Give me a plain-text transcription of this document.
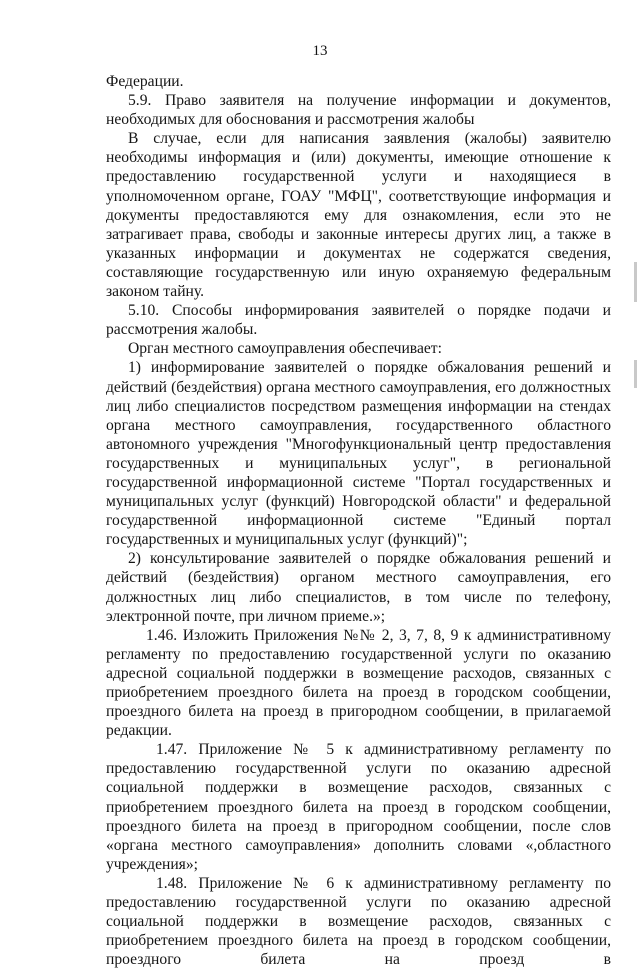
13

Федерации.

5.9. Право заявителя на получение информации и документов, необходимых для обоснования и рассмотрения жалобы

В случае, если для написания заявления (жалобы) заявителю необходимы информация и (или) документы, имеющие отношение к предоставлению государственной услуги и находящиеся в уполномоченном органе, ГОАУ "МФЦ", соответствующие информация и документы предоставляются ему для ознакомления, если это не затрагивает права, свободы и законные интересы других лиц, а также в указанных информации и документах не содержатся сведения, составляющие государственную или иную охраняемую федеральным законом тайну.

5.10. Способы информирования заявителей о порядке подачи и рассмотрения жалобы.

Орган местного самоуправления обеспечивает:

1) информирование заявителей о порядке обжалования решений и действий (бездействия) органа местного самоуправления, его должностных лиц либо специалистов посредством размещения информации на стендах органа местного самоуправления, государственного областного автономного учреждения "Многофункциональный центр предоставления государственных и муниципальных услуг", в региональной государственной информационной системе "Портал государственных и муниципальных услуг (функций) Новгородской области" и федеральной государственной информационной системе "Единый портал государственных и муниципальных услуг (функций)";

2) консультирование заявителей о порядке обжалования решений и действий (бездействия) органом местного самоуправления, его должностных лиц либо специалистов, в том числе по телефону, электронной почте, при личном приеме.»;

1.46. Изложить Приложения №№ 2, 3, 7, 8, 9 к административному регламенту по предоставлению государственной услуги по оказанию адресной социальной поддержки в возмещение расходов, связанных с приобретением проездного билета на проезд в городском сообщении, проездного билета на проезд в пригородном сообщении, в прилагаемой редакции.

1.47. Приложение № 5 к административному регламенту по предоставлению государственной услуги по оказанию адресной социальной поддержки в возмещение расходов, связанных с приобретением проездного билета на проезд в городском сообщении, проездного билета на проезд в пригородном сообщении, после слов «органа местного самоуправления» дополнить словами «,областного учреждения»;

1.48. Приложение № 6 к административному регламенту по предоставлению государственной услуги по оказанию адресной социальной поддержки в возмещение расходов, связанных с приобретением проездного билета на проезд в городском сообщении, проездного билета на проезд в
